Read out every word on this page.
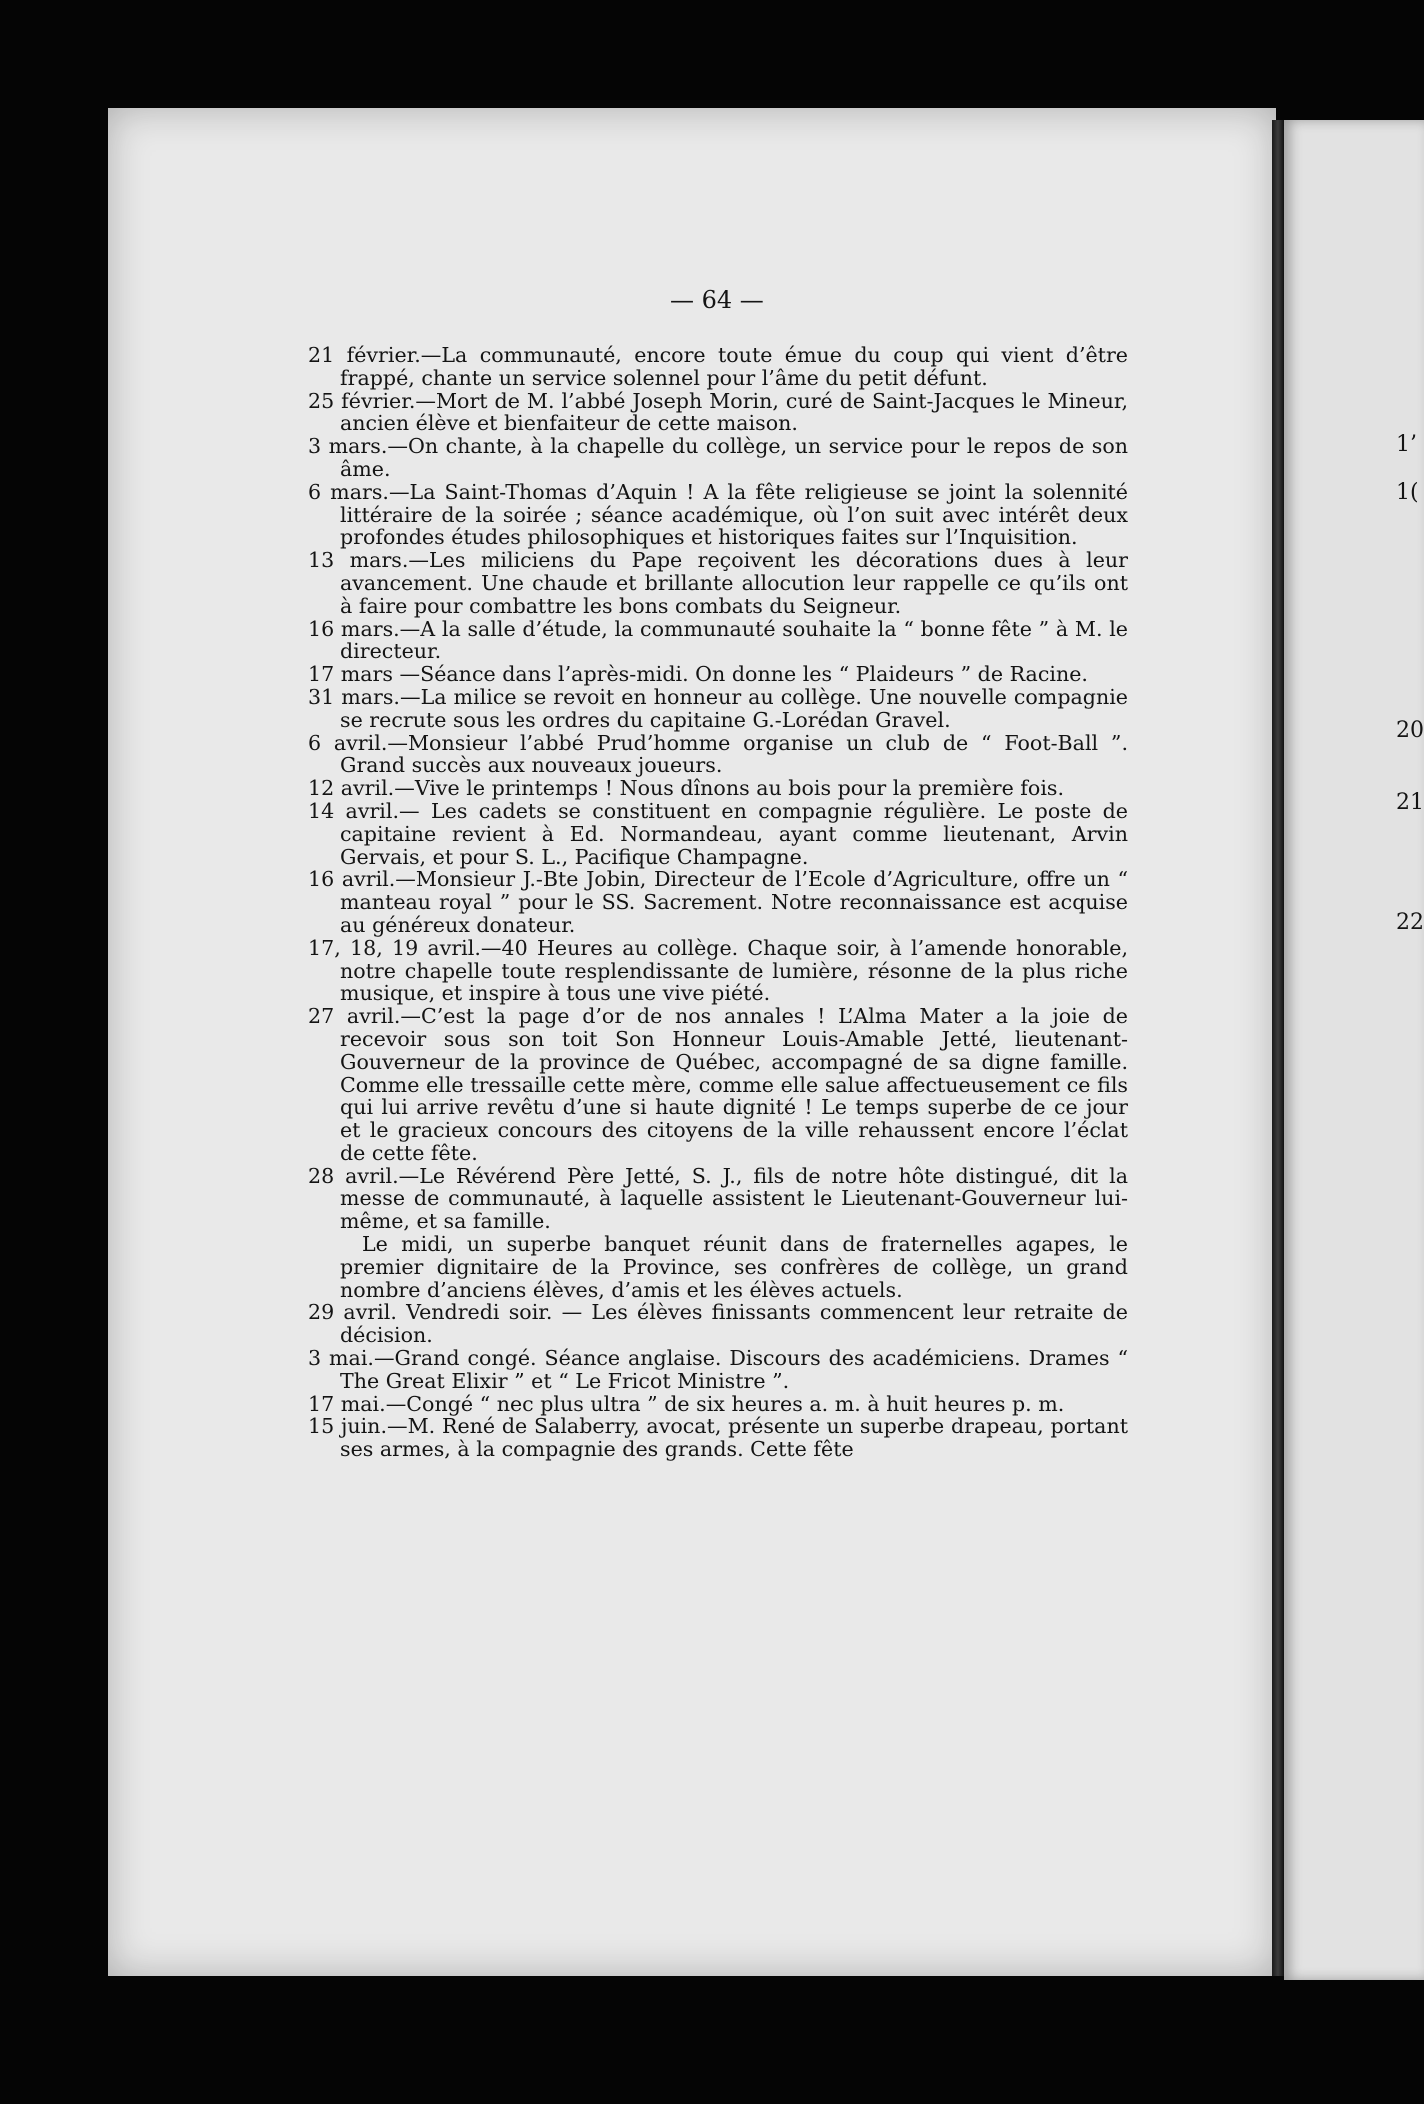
1’
1(
20
21
22
— 64 —

21 février.—La communauté, encore toute émue du coup qui vient d’être frappé, chante un service solennel pour l’âme du petit défunt.

25 février.—Mort de M. l’abbé Joseph Morin, curé de Saint-Jacques le Mineur, ancien élève et bienfaiteur de cette maison.

3 mars.—On chante, à la chapelle du collège, un service pour le repos de son âme.

6 mars.—La Saint-Thomas d’Aquin ! A la fête religieuse se joint la solennité littéraire de la soirée ; séance académique, où l’on suit avec intérêt deux profondes études philosophiques et historiques faites sur l’Inquisition.

13 mars.—Les miliciens du Pape reçoivent les décorations dues à leur avancement. Une chaude et brillante allocution leur rappelle ce qu’ils ont à faire pour combattre les bons combats du Seigneur.

16 mars.—A la salle d’étude, la communauté souhaite la “ bonne fête ” à M. le directeur.

17 mars —Séance dans l’après-midi. On donne les “ Plaideurs ” de Racine.

31 mars.—La milice se revoit en honneur au collège. Une nouvelle compagnie se recrute sous les ordres du capitaine G.-Lorédan Gravel.

6 avril.—Monsieur l’abbé Prud’homme organise un club de “ Foot-Ball ”. Grand succès aux nouveaux joueurs.

12 avril.—Vive le printemps ! Nous dînons au bois pour la première fois.

14 avril.— Les cadets se constituent en compagnie régulière. Le poste de capitaine revient à Ed. Normandeau, ayant comme lieutenant, Arvin Gervais, et pour S. L., Pacifique Champagne.

16 avril.—Monsieur J.-Bte Jobin, Directeur de l’Ecole d’Agriculture, offre un “ manteau royal ” pour le SS. Sacrement. Notre reconnaissance est acquise au généreux donateur.

17, 18, 19 avril.—40 Heures au collège. Chaque soir, à l’amende honorable, notre chapelle toute resplendissante de lumière, résonne de la plus riche musique, et inspire à tous une vive piété.

27 avril.—C’est la page d’or de nos annales ! L’Alma Mater a la joie de recevoir sous son toit Son Honneur Louis-Amable Jetté, lieutenant-Gouverneur de la province de Québec, accompagné de sa digne famille. Comme elle tressaille cette mère, comme elle salue affectueusement ce fils qui lui arrive revêtu d’une si haute dignité ! Le temps superbe de ce jour et le gracieux concours des citoyens de la ville rehaussent encore l’éclat de cette fête.

28 avril.—Le Révérend Père Jetté, S. J., fils de notre hôte distingué, dit la messe de communauté, à laquelle assistent le Lieutenant-Gouverneur lui-même, et sa famille.

Le midi, un superbe banquet réunit dans de fraternelles agapes, le premier dignitaire de la Province, ses confrères de collège, un grand nombre d’anciens élèves, d’amis et les élèves actuels.

29 avril. Vendredi soir. — Les élèves finissants commencent leur retraite de décision.

3 mai.—Grand congé. Séance anglaise. Discours des académiciens. Drames “ The Great Elixir ” et “ Le Fricot Ministre ”.

17 mai.—Congé “ nec plus ultra ” de six heures a. m. à huit heures p. m.

15 juin.—M. René de Salaberry, avocat, présente un superbe drapeau, portant ses armes, à la compagnie des grands. Cette fête
